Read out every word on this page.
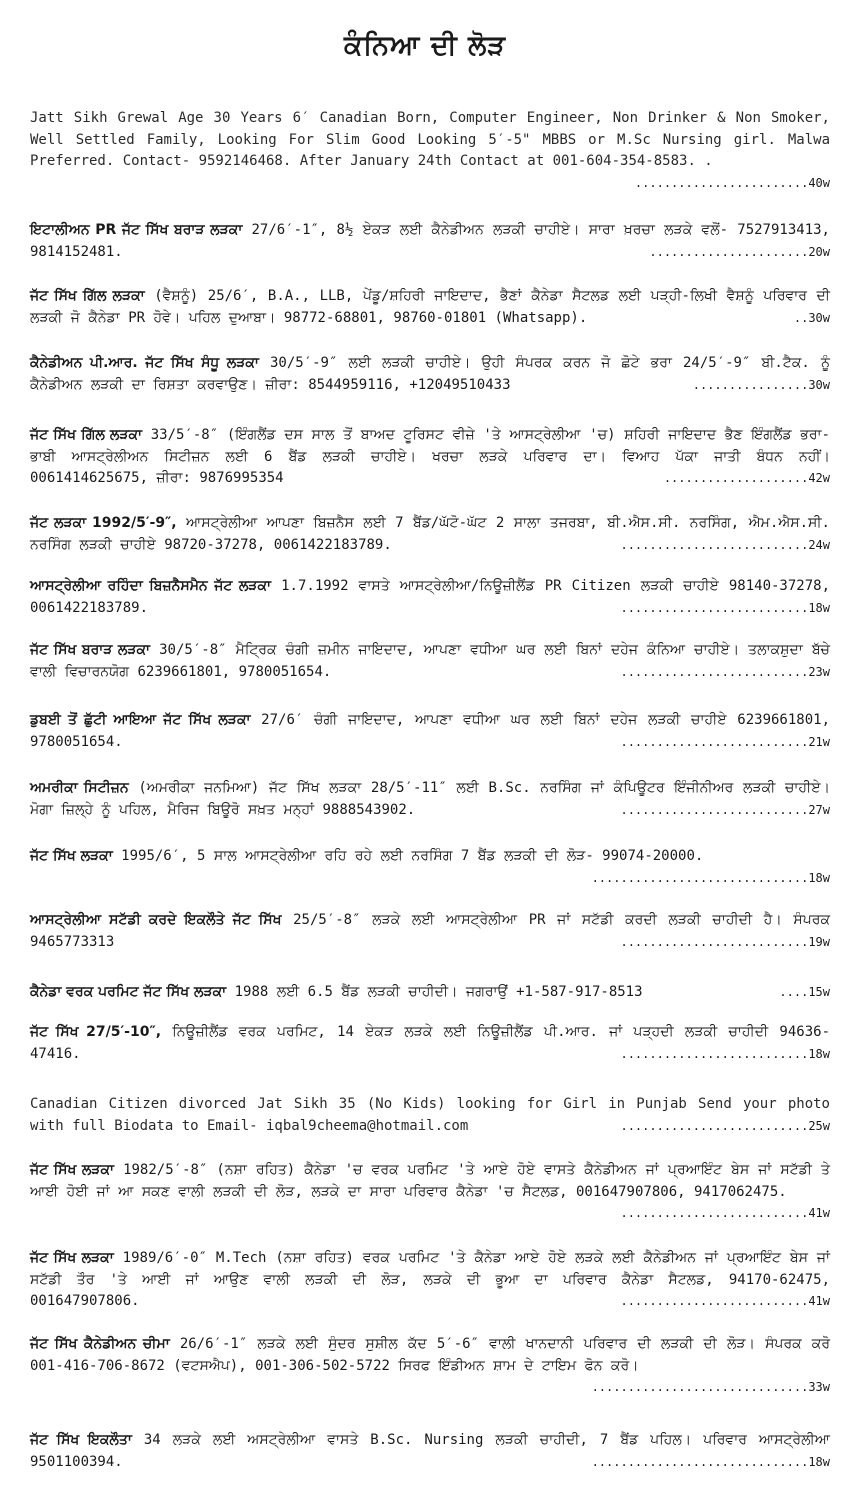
ਕੰਨਿਆ ਦੀ ਲੋੜ
Jatt Sikh Grewal Age 30 Years 6′ Canadian Born, Computer Engineer, Non Drinker & Non Smoker, Well Settled Family, Looking For Slim Good Looking 5′-5" MBBS or M.Sc Nursing girl. Malwa Preferred. Contact- 9592146468. After January 24th Contact at 001-604-354-8583. .
........................40w
ਇਟਾਲੀਅਨ PR ਜੱਟ ਸਿੱਖ ਬਰਾੜ ਲੜਕਾ 27/6′-1″, 8½ ਏਕੜ ਲਈ ਕੈਨੇਡੀਅਨ ਲੜਕੀ ਚਾਹੀਏ। ਸਾਰਾ ਖ਼ਰਚਾ ਲੜਕੇ ਵਲੋਂ- 7527913413, 9814152481.	......................20w
ਜੱਟ ਸਿੱਖ ਗਿੱਲ ਲੜਕਾ (ਵੈਸ਼ਨੂੰ) 25/6′, B.A., LLB, ਪੇਂਡੂ/ਸ਼ਹਿਰੀ ਜਾਇਦਾਦ, ਭੈਣਾਂ ਕੈਨੇਡਾ ਸੈਟਲਡ ਲਈ ਪੜ੍ਹੀ-ਲਿਖੀ ਵੈਸ਼ਨੂੰ ਪਰਿਵਾਰ ਦੀ ਲੜਕੀ ਜੋ ਕੈਨੇਡਾ PR ਹੋਵੇ। ਪਹਿਲ ਦੁਆਬਾ। 98772-68801, 98760-01801 (Whatsapp).	..30w
ਕੈਨੇਡੀਅਨ ਪੀ.ਆਰ. ਜੱਟ ਸਿੱਖ ਸੰਧੂ ਲੜਕਾ 30/5′-9″ ਲਈ ਲੜਕੀ ਚਾਹੀਏ। ਉਹੀ ਸੰਪਰਕ ਕਰਨ ਜੋ ਛੋਟੇ ਭਰਾ 24/5′-9″ ਬੀ.ਟੈਕ. ਨੂੰ ਕੈਨੇਡੀਅਨ ਲੜਕੀ ਦਾ ਰਿਸ਼ਤਾ ਕਰਵਾਉਣ। ਜ਼ੀਰਾ: 8544959116, +12049510433	................30w
ਜੱਟ ਸਿੱਖ ਗਿੱਲ ਲੜਕਾ 33/5′-8″ (ਇੰਗਲੈਂਡ ਦਸ ਸਾਲ ਤੋਂ ਬਾਅਦ ਟੂਰਿਸਟ ਵੀਜ਼ੇ 'ਤੇ ਆਸਟ੍ਰੇਲੀਆ 'ਚ) ਸ਼ਹਿਰੀ ਜਾਇਦਾਦ ਭੈਣ ਇੰਗਲੈਂਡ ਭਰਾ-ਭਾਬੀ ਆਸਟ੍ਰੇਲੀਅਨ ਸਿਟੀਜ਼ਨ ਲਈ 6 ਬੈਂਡ ਲੜਕੀ ਚਾਹੀਏ। ਖਰਚਾ ਲੜਕੇ ਪਰਿਵਾਰ ਦਾ। ਵਿਆਹ ਪੱਕਾ ਜਾਤੀ ਬੰਧਨ ਨਹੀਂ। 0061414625675, ਜ਼ੀਰਾ: 9876995354	....................42w
ਜੱਟ ਲੜਕਾ 1992/5′-9″, ਆਸਟ੍ਰੇਲੀਆ ਆਪਣਾ ਬਿਜ਼ਨੈਸ ਲਈ 7 ਬੈਂਡ/ਘੱਟੋ-ਘੱਟ 2 ਸਾਲਾ ਤਜਰਬਾ, ਬੀ.ਐਸ.ਸੀ. ਨਰਸਿੰਗ, ਐਮ.ਐਸ.ਸੀ. ਨਰਸਿੰਗ ਲੜਕੀ ਚਾਹੀਏ 98720-37278, 0061422183789.	..........................24w
ਆਸਟ੍ਰੇਲੀਆ ਰਹਿੰਦਾ ਬਿਜ਼ਨੈਸਮੈਨ ਜੱਟ ਲੜਕਾ 1.7.1992 ਵਾਸਤੇ ਆਸਟ੍ਰੇਲੀਆ/ਨਿਊਜ਼ੀਲੈਂਡ PR Citizen ਲੜਕੀ ਚਾਹੀਏ 98140-37278, 0061422183789.	..........................18w
ਜੱਟ ਸਿੱਖ ਬਰਾੜ ਲੜਕਾ 30/5′-8″ ਮੈਟ੍ਰਿਕ ਚੰਗੀ ਜ਼ਮੀਨ ਜਾਇਦਾਦ, ਆਪਣਾ ਵਧੀਆ ਘਰ ਲਈ ਬਿਨਾਂ ਦਹੇਜ ਕੰਨਿਆ ਚਾਹੀਏ। ਤਲਾਕਸ਼ੁਦਾ ਬੱਚੇ ਵਾਲੀ ਵਿਚਾਰਨਯੋਗ 6239661801, 9780051654.	..........................23w
ਡੁਬਈ ਤੋਂ ਛੁੱਟੀ ਆਇਆ ਜੱਟ ਸਿੱਖ ਲੜਕਾ 27/6′ ਚੰਗੀ ਜਾਇਦਾਦ, ਆਪਣਾ ਵਧੀਆ ਘਰ ਲਈ ਬਿਨਾਂ ਦਹੇਜ ਲੜਕੀ ਚਾਹੀਏ 6239661801, 9780051654.	..........................21w
ਅਮਰੀਕਾ ਸਿਟੀਜ਼ਨ (ਅਮਰੀਕਾ ਜਨਮਿਆ) ਜੱਟ ਸਿੱਖ ਲੜਕਾ 28/5′-11″ ਲਈ B.Sc. ਨਰਸਿੰਗ ਜਾਂ ਕੰਪਿਊਟਰ ਇੰਜੀਨੀਅਰ ਲੜਕੀ ਚਾਹੀਏ। ਮੋਗਾ ਜ਼ਿਲ੍ਹੇ ਨੂੰ ਪਹਿਲ, ਮੈਰਿਜ ਬਿਊਰੋ ਸਖ਼ਤ ਮਨ੍ਹਾਂ 9888543902.	..........................27w
ਜੱਟ ਸਿੱਖ ਲੜਕਾ 1995/6′, 5 ਸਾਲ ਆਸਟ੍ਰੇਲੀਆ ਰਹਿ ਰਹੇ ਲਈ ਨਰਸਿੰਗ 7 ਬੈਂਡ ਲੜਕੀ ਦੀ ਲੋੜ- 99074-20000.
..............................18w
ਆਸਟ੍ਰੇਲੀਆ ਸਟੱਡੀ ਕਰਦੇ ਇਕਲੌਤੇ ਜੱਟ ਸਿੱਖ 25/5′-8″ ਲੜਕੇ ਲਈ ਆਸਟ੍ਰੇਲੀਆ PR ਜਾਂ ਸਟੱਡੀ ਕਰਦੀ ਲੜਕੀ ਚਾਹੀਦੀ ਹੈ। ਸੰਪਰਕ 9465773313	..........................19w
ਕੈਨੇਡਾ ਵਰਕ ਪਰਮਿਟ ਜੱਟ ਸਿੱਖ ਲੜਕਾ 1988 ਲਈ 6.5 ਬੈਂਡ ਲੜਕੀ ਚਾਹੀਦੀ। ਜਗਰਾਉਂ +1-587-917-8513	....15w
ਜੱਟ ਸਿੱਖ 27/5′-10″, ਨਿਊਜ਼ੀਲੈਂਡ ਵਰਕ ਪਰਮਿਟ, 14 ਏਕੜ ਲੜਕੇ ਲਈ ਨਿਊਜ਼ੀਲੈਂਡ ਪੀ.ਆਰ. ਜਾਂ ਪੜ੍ਹਦੀ ਲੜਕੀ ਚਾਹੀਦੀ 94636-47416.	..........................18w
Canadian Citizen divorced Jat Sikh 35 (No Kids) looking for Girl in Punjab Send your photo with full Biodata to Email- iqbal9cheema@hotmail.com	..........................25w
ਜੱਟ ਸਿੱਖ ਲੜਕਾ 1982/5′-8″ (ਨਸ਼ਾ ਰਹਿਤ) ਕੈਨੇਡਾ 'ਚ ਵਰਕ ਪਰਮਿਟ 'ਤੇ ਆਏ ਹੋਏ ਵਾਸਤੇ ਕੈਨੇਡੀਅਨ ਜਾਂ ਪ੍ਰਆਇੰਟ ਬੇਸ ਜਾਂ ਸਟੱਡੀ ਤੇ ਆਈ ਹੋਈ ਜਾਂ ਆ ਸਕਣ ਵਾਲੀ ਲੜਕੀ ਦੀ ਲੋੜ, ਲੜਕੇ ਦਾ ਸਾਰਾ ਪਰਿਵਾਰ ਕੈਨੇਡਾ 'ਚ ਸੈਟਲਡ, 001647907806, 9417062475.
..........................41w
ਜੱਟ ਸਿੱਖ ਲੜਕਾ 1989/6′-0″ M.Tech (ਨਸ਼ਾ ਰਹਿਤ) ਵਰਕ ਪਰਮਿਟ 'ਤੇ ਕੈਨੇਡਾ ਆਏ ਹੋਏ ਲੜਕੇ ਲਈ ਕੈਨੇਡੀਅਨ ਜਾਂ ਪ੍ਰਆਇੰਟ ਬੇਸ ਜਾਂ ਸਟੱਡੀ ਤੌਰ 'ਤੇ ਆਈ ਜਾਂ ਆਉਣ ਵਾਲੀ ਲੜਕੀ ਦੀ ਲੋੜ, ਲੜਕੇ ਦੀ ਭੂਆ ਦਾ ਪਰਿਵਾਰ ਕੈਨੇਡਾ ਸੈਟਲਡ, 94170-62475, 001647907806.	..........................41w
ਜੱਟ ਸਿੱਖ ਕੈਨੇਡੀਅਨ ਚੀਮਾ 26/6′-1″ ਲੜਕੇ ਲਈ ਸੁੰਦਰ ਸੁਸ਼ੀਲ ਕੱਦ 5′-6″ ਵਾਲੀ ਖਾਨਦਾਨੀ ਪਰਿਵਾਰ ਦੀ ਲੜਕੀ ਦੀ ਲੋੜ। ਸੰਪਰਕ ਕਰੋ 001-416-706-8672 (ਵਟਸਐਪ), 001-306-502-5722 ਸਿਰਫ ਇੰਡੀਅਨ ਸ਼ਾਮ ਦੇ ਟਾਇਮ ਫੋਨ ਕਰੋ।
..............................33w
ਜੱਟ ਸਿੱਖ ਇਕਲੌਤਾ 34 ਲੜਕੇ ਲਈ ਅਸਟ੍ਰੇਲੀਆ ਵਾਸਤੇ B.Sc. Nursing ਲੜਕੀ ਚਾਹੀਦੀ, 7 ਬੈਂਡ ਪਹਿਲ। ਪਰਿਵਾਰ ਆਸਟ੍ਰੇਲੀਆ 9501100394.	..............................18w
